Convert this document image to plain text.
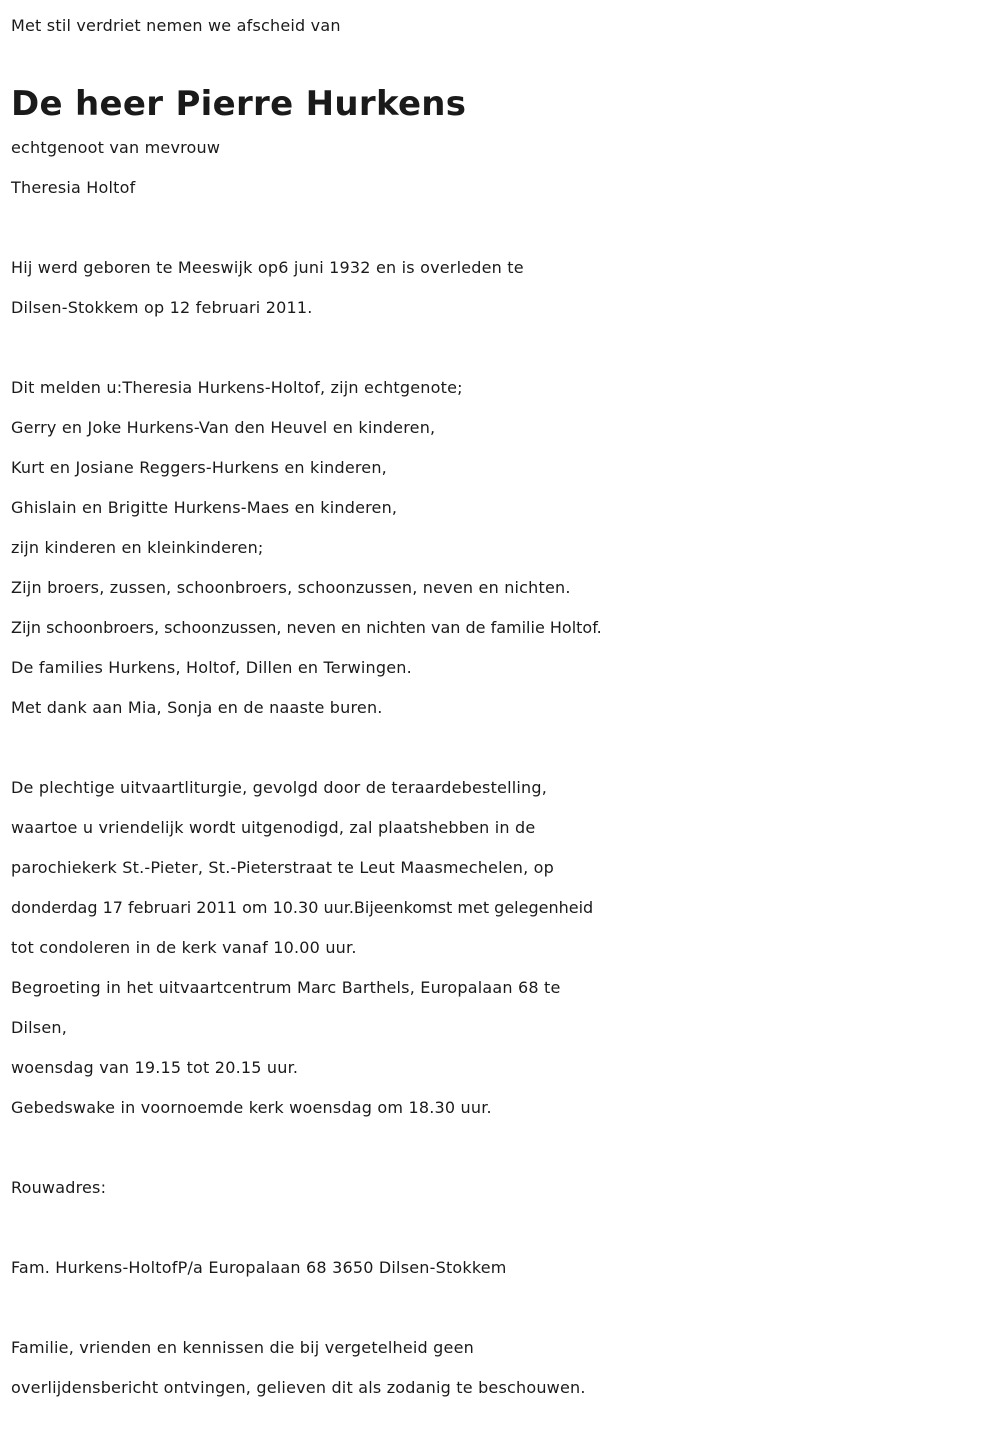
Met stil verdriet nemen we afscheid van
De heer Pierre Hurkens
echtgenoot van mevrouw
Theresia Holtof
Hij werd geboren te Meeswijk op6 juni 1932 en is overleden te
Dilsen-Stokkem op 12 februari 2011.
Dit melden u:Theresia Hurkens-Holtof, zijn echtgenote;
Gerry en Joke Hurkens-Van den Heuvel en kinderen,
Kurt en Josiane Reggers-Hurkens en kinderen,
Ghislain en Brigitte Hurkens-Maes en kinderen,
zijn kinderen en kleinkinderen;
Zijn broers, zussen, schoonbroers, schoonzussen, neven en nichten.
Zijn schoonbroers, schoonzussen, neven en nichten van de familie Holtof.
De families Hurkens, Holtof, Dillen en Terwingen.
Met dank aan Mia, Sonja en de naaste buren.
De plechtige uitvaartliturgie, gevolgd door de teraardebestelling,
waartoe u vriendelijk wordt uitgenodigd, zal plaatshebben in de
parochiekerk St.-Pieter, St.-Pieterstraat te Leut Maasmechelen, op
donderdag 17 februari 2011 om 10.30 uur.Bijeenkomst met gelegenheid
tot condoleren in de kerk vanaf 10.00 uur.
Begroeting in het uitvaartcentrum Marc Barthels, Europalaan 68 te
Dilsen,
woensdag van 19.15 tot 20.15 uur.
Gebedswake in voornoemde kerk woensdag om 18.30 uur.
Rouwadres:
Fam. Hurkens-HoltofP/a Europalaan 68 3650 Dilsen-Stokkem
Familie, vrienden en kennissen die bij vergetelheid geen
overlijdensbericht ontvingen, gelieven dit als zodanig te beschouwen.
